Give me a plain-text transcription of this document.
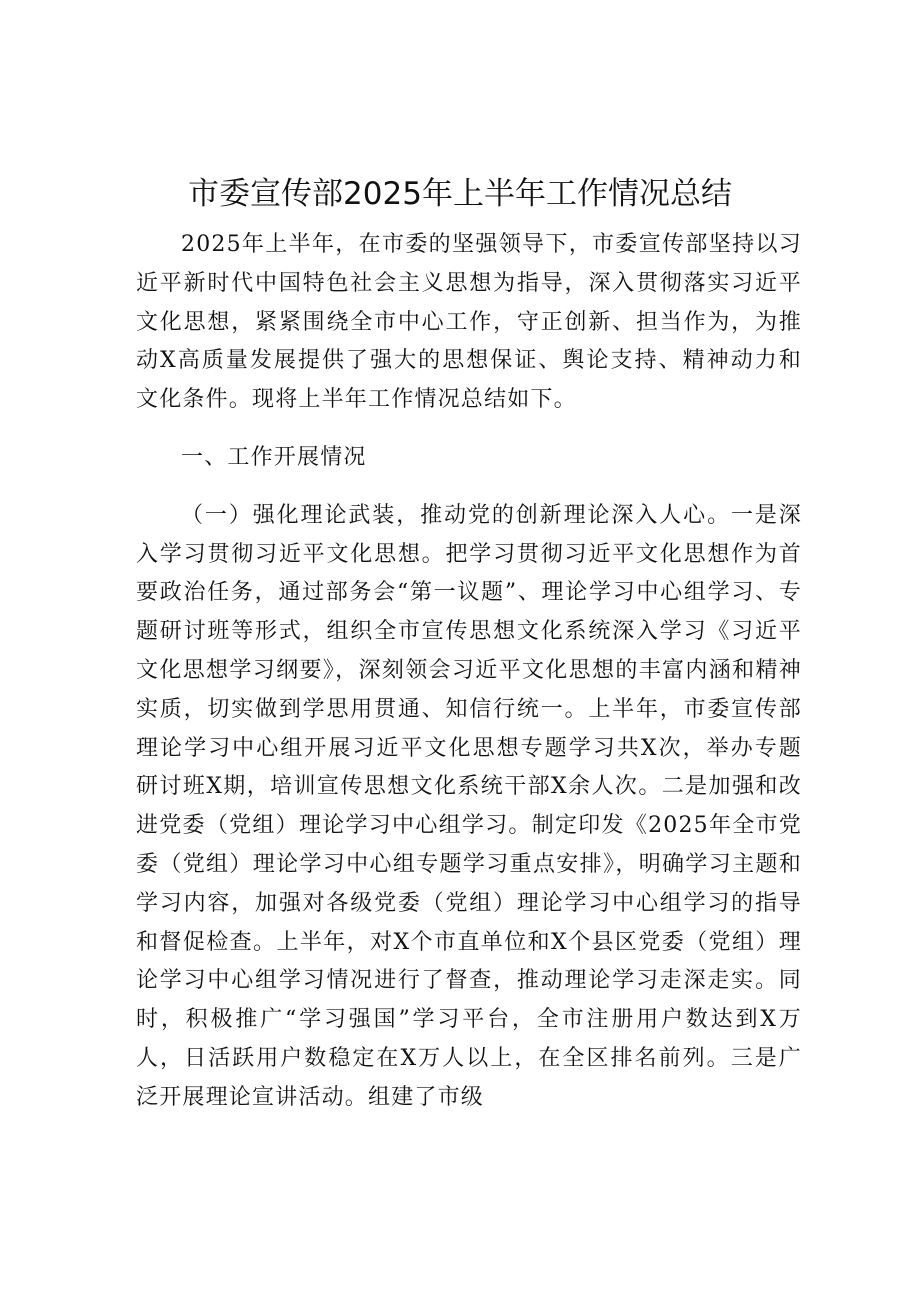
市委宣传部2025年上半年工作情况总结

2025年上半年，在市委的坚强领导下，市委宣传部坚持以习近平新时代中国特色社会主义思想为指导，深入贯彻落实习近平文化思想，紧紧围绕全市中心工作，守正创新、担当作为，为推动X高质量发展提供了强大的思想保证、舆论支持、精神动力和文化条件。现将上半年工作情况总结如下。

一、工作开展情况

（一）强化理论武装，推动党的创新理论深入人心。一是深入学习贯彻习近平文化思想。把学习贯彻习近平文化思想作为首要政治任务，通过部务会“第一议题”、理论学习中心组学习、专题研讨班等形式，组织全市宣传思想文化系统深入学习《习近平文化思想学习纲要》，深刻领会习近平文化思想的丰富内涵和精神实质，切实做到学思用贯通、知信行统一。上半年，市委宣传部理论学习中心组开展习近平文化思想专题学习共X次，举办专题研讨班X期，培训宣传思想文化系统干部X余人次。二是加强和改进党委（党组）理论学习中心组学习。制定印发《2025年全市党委（党组）理论学习中心组专题学习重点安排》，明确学习主题和学习内容，加强对各级党委（党组）理论学习中心组学习的指导和督促检查。上半年，对X个市直单位和X个县区党委（党组）理论学习中心组学习情况进行了督查，推动理论学习走深走实。同时，积极推广“学习强国”学习平台，全市注册用户数达到X万人，日活跃用户数稳定在X万人以上，在全区排名前列。三是广泛开展理论宣讲活动。组建了市级
